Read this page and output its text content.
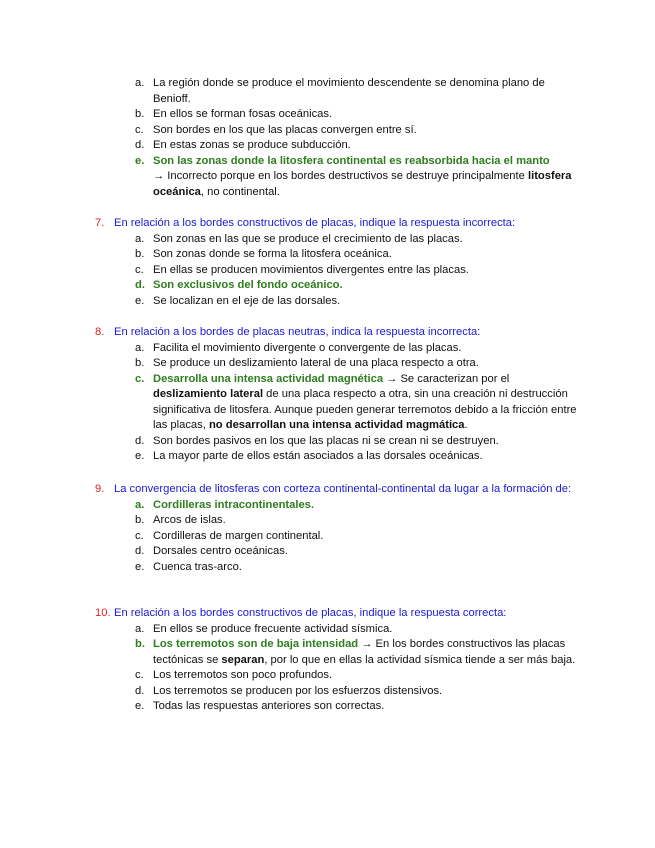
a. La región donde se produce el movimiento descendente se denomina plano de Benioff.
b. En ellos se forman fosas oceánicas.
c. Son bordes en los que las placas convergen entre sí.
d. En estas zonas se produce subducción.
e. Son las zonas donde la litosfera continental es reabsorbida hacia el manto
→ Incorrecto porque en los bordes destructivos se destruye principalmente litosfera oceánica, no continental.
7. En relación a los bordes constructivos de placas, indique la respuesta incorrecta:
a. Son zonas en las que se produce el crecimiento de las placas.
b. Son zonas donde se forma la litosfera oceánica.
c. En ellas se producen movimientos divergentes entre las placas.
d. Son exclusivos del fondo oceánico.
e. Se localizan en el eje de las dorsales.
8. En relación a los bordes de placas neutras, indica la respuesta incorrecta:
a. Facilita el movimiento divergente o convergente de las placas.
b. Se produce un deslizamiento lateral de una placa respecto a otra.
c. Desarrolla una intensa actividad magnética → Se caracterizan por el deslizamiento lateral de una placa respecto a otra, sin una creación ni destrucción significativa de litosfera. Aunque pueden generar terremotos debido a la fricción entre las placas, no desarrollan una intensa actividad magmática.
d. Son bordes pasivos en los que las placas ni se crean ni se destruyen.
e. La mayor parte de ellos están asociados a las dorsales oceánicas.
9. La convergencia de litosferas con corteza continental-continental da lugar a la formación de:
a. Cordilleras intracontinentales.
b. Arcos de islas.
c. Cordilleras de margen continental.
d. Dorsales centro oceánicas.
e. Cuenca tras-arco.
10. En relación a los bordes constructivos de placas, indique la respuesta correcta:
a. En ellos se produce frecuente actividad sísmica.
b. Los terremotos son de baja intensidad → En los bordes constructivos las placas tectónicas se separan, por lo que en ellas la actividad sísmica tiende a ser más baja.
c. Los terremotos son poco profundos.
d. Los terremotos se producen por los esfuerzos distensivos.
e. Todas las respuestas anteriores son correctas.
